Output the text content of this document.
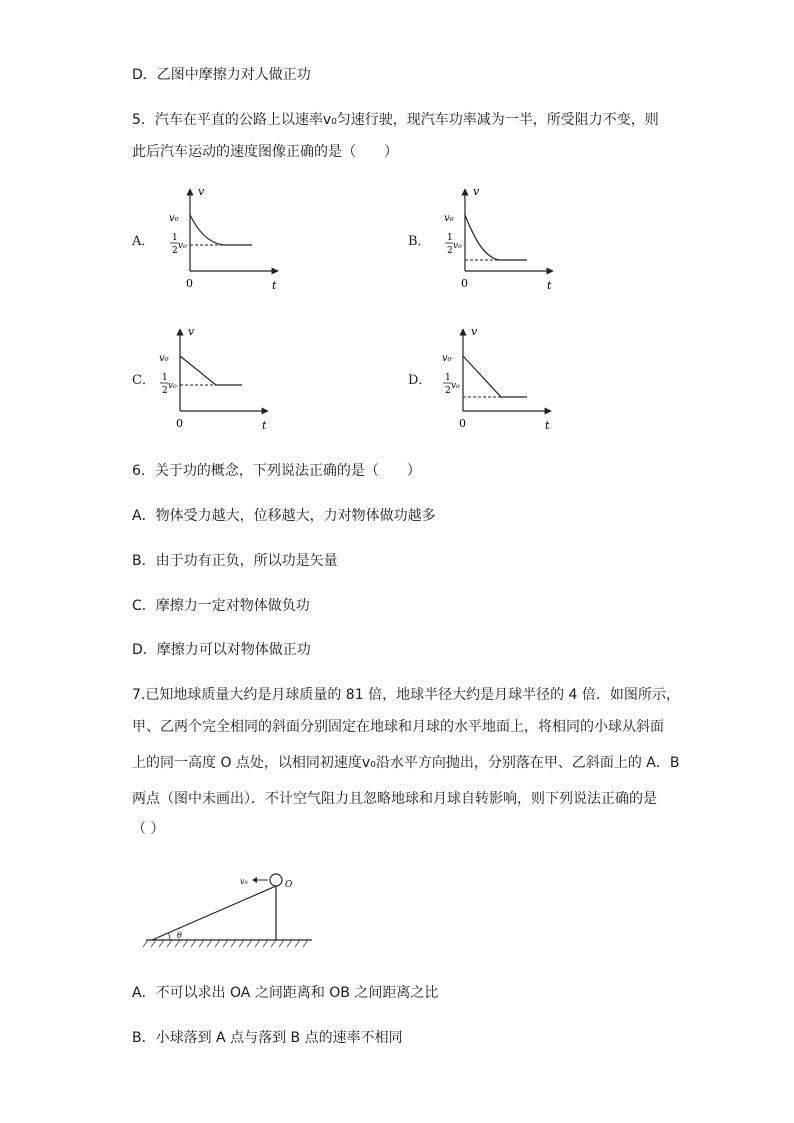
D．乙图中摩擦力对人做正功
5．汽车在平直的公路上以速率v₀匀速行驶，现汽车功率减为一半，所受阻力不变，则
此后汽车运动的速度图像正确的是（　　）
A．	B．
C．	D．
v
t
0
v₀
1
2 v₀
v
t
0
v₀
1
2 v₀
v
t
0
v₀
1
2 v₀
v
t
0
v₀
1
2 v₀
6．关于功的概念，下列说法正确的是（　　）
A．物体受力越大，位移越大，力对物体做功越多
B．由于功有正负，所以功是矢量
C．摩擦力一定对物体做负功
D．摩擦力可以对物体做正功
7.已知地球质量大约是月球质量的 81 倍，地球半径大约是月球半径的 4 倍．如图所示，
甲、乙两个完全相同的斜面分别固定在地球和月球的水平地面上，将相同的小球从斜面
上的同一高度 O 点处，以相同初速度v₀沿水平方向抛出，分别落在甲、乙斜面上的 A．B
两点（图中未画出）．不计空气阻力且忽略地球和月球自转影响，则下列说法正确的是
（ ）
v₀	O
θ
A．不可以求出 OA 之间距离和 OB 之间距离之比
B．小球落到 A 点与落到 B 点的速率不相同
